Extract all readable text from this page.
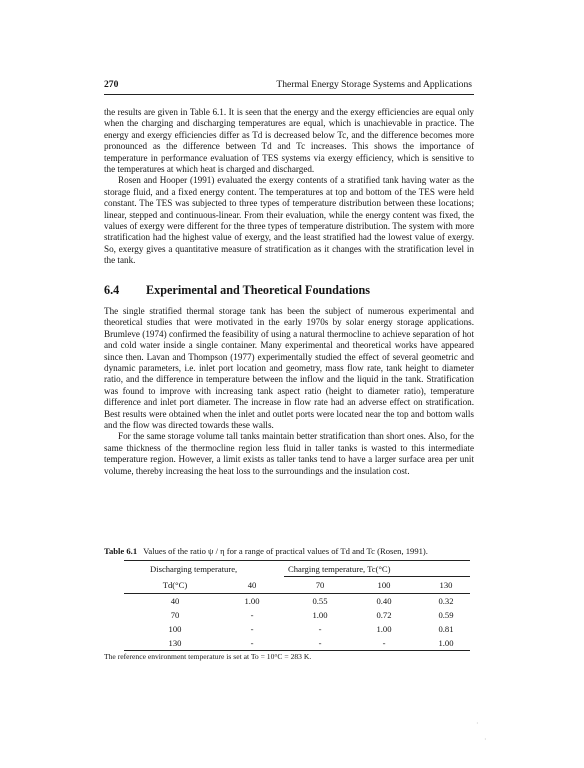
270	Thermal Energy Storage Systems and Applications

the results are given in Table 6.1. It is seen that the energy and the exergy efficiencies are equal only when the charging and discharging temperatures are equal, which is unachievable in practice. The energy and exergy efficiencies differ as Td is decreased below Tc, and the difference becomes more pronounced as the difference between Td and Tc increases. This shows the importance of temperature in performance evaluation of TES systems via exergy efficiency, which is sensitive to the temperatures at which heat is charged and discharged.

Rosen and Hooper (1991) evaluated the exergy contents of a stratified tank having water as the storage fluid, and a fixed energy content. The temperatures at top and bottom of the TES were held constant. The TES was subjected to three types of temperature distribution between these locations; linear, stepped and continuous-linear. From their evaluation, while the energy content was fixed, the values of exergy were different for the three types of temperature distribution. The system with more stratification had the highest value of exergy, and the least stratified had the lowest value of exergy. So, exergy gives a quantitative measure of stratification as it changes with the stratification level in the tank.

6.4 Experimental and Theoretical Foundations

The single stratified thermal storage tank has been the subject of numerous experimental and theoretical studies that were motivated in the early 1970s by solar energy storage applications. Brumleve (1974) confirmed the feasibility of using a natural thermocline to achieve separation of hot and cold water inside a single container. Many experimental and theoretical works have appeared since then. Lavan and Thompson (1977) experimentally studied the effect of several geometric and dynamic parameters, i.e. inlet port location and geometry, mass flow rate, tank height to diameter ratio, and the difference in temperature between the inflow and the liquid in the tank. Stratification was found to improve with increasing tank aspect ratio (height to diameter ratio), temperature difference and inlet port diameter. The increase in flow rate had an adverse effect on stratification. Best results were obtained when the inlet and outlet ports were located near the top and bottom walls and the flow was directed towards these walls.

For the same storage volume tall tanks maintain better stratification than short ones. Also, for the same thickness of the thermocline region less fluid in taller tanks is wasted to this intermediate temperature region. However, a limit exists as taller tanks tend to have a larger surface area per unit volume, thereby increasing the heat loss to the surroundings and the insulation cost.

Table 6.1 Values of the ratio ψ / η for a range of practical values of Td and Tc (Rosen, 1991).
Discharging temperature,	Charging temperature, Tc(°C)
Td(°C)	40	70	100	130
40	1.00	0.55	0.40	0.32
70	-	1.00	0.72	0.59
100	-	-	1.00	0.81
130	-	-	-	1.00
The reference environment temperature is set at To = 10°C = 283 K.
·
·
